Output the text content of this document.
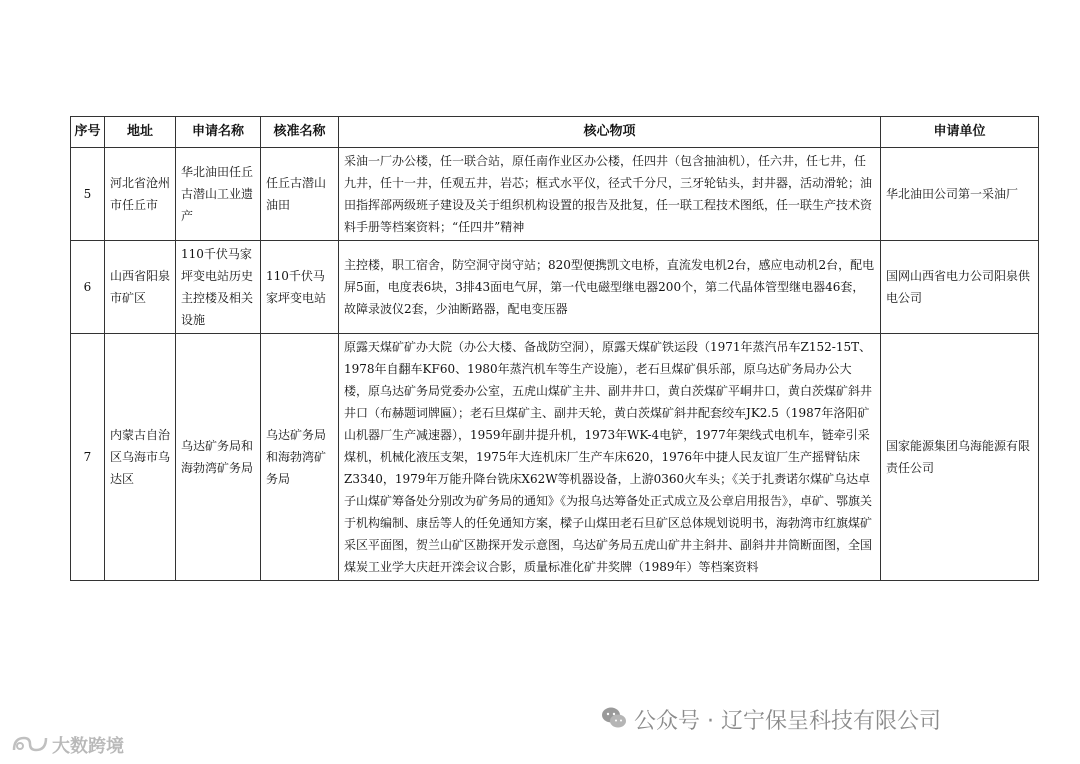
序号	地址	申请名称	核准名称	核心物项	申请单位
5	河北省沧州市任丘市	华北油田任丘古潜山工业遗产	任丘古潜山油田	采油一厂办公楼，任一联合站，原任南作业区办公楼，任四井（包含抽油机），任六井，任七井，任九井，任十一井，任观五井，岩芯；框式水平仪，径式千分尺，三牙轮钻头，封井器，活动滑轮；油田指挥部两级班子建设及关于组织机构设置的报告及批复，任一联工程技术图纸，任一联生产技术资料手册等档案资料；“任四井”精神	华北油田公司第一采油厂
6	山西省阳泉市矿区	110千伏马家坪变电站历史主控楼及相关设施	110千伏马家坪变电站	主控楼，职工宿舍，防空洞守岗守站；820型便携凯文电桥，直流发电机2台，感应电动机2台，配电屏5面，电度表6块，3排43面电气屏，第一代电磁型继电器200个，第二代晶体管型继电器46套，故障录波仪2套，少油断路器，配电变压器	国网山西省电力公司阳泉供电公司
7	内蒙古自治区乌海市乌达区	乌达矿务局和海勃湾矿务局	乌达矿务局和海勃湾矿务局	原露天煤矿矿办大院（办公大楼、备战防空洞），原露天煤矿铁运段（1971年蒸汽吊车Z152-15T、1978年自翻车KF60、1980年蒸汽机车等生产设施），老石旦煤矿俱乐部，原乌达矿务局办公大楼，原乌达矿务局党委办公室，五虎山煤矿主井、副井井口，黄白茨煤矿平峒井口，黄白茨煤矿斜井井口（布赫题词牌匾）；老石旦煤矿主、副井天轮，黄白茨煤矿斜井配套绞车JK2.5（1987年洛阳矿山机器厂生产减速器），1959年副井提升机，1973年WK-4电铲，1977年架线式电机车，链牵引采煤机，机械化液压支架，1975年大连机床厂生产车床620，1976年中捷人民友谊厂生产摇臂钻床Z3340，1979年万能升降台铣床X62W等机器设备，上游0360火车头；《关于扎赉诺尔煤矿乌达卓子山煤矿筹备处分别改为矿务局的通知》《为报乌达筹备处正式成立及公章启用报告》，卓矿、鄂旗关于机构编制、康岳等人的任免通知方案，樑子山煤田老石旦矿区总体规划说明书，海勃湾市红旗煤矿采区平面图，贺兰山矿区勘探开发示意图，乌达矿务局五虎山矿井主斜井、副斜井井筒断面图，全国煤炭工业学大庆赶开滦会议合影，质量标准化矿井奖牌（1989年）等档案资料	国家能源集团乌海能源有限责任公司
公众号 · 辽宁保呈科技有限公司
大数跨境
